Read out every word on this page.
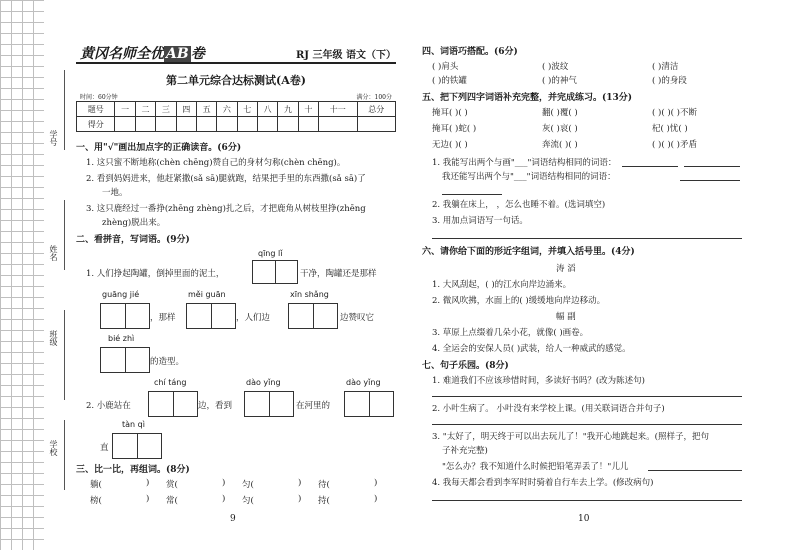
学号
姓名
班级
学校
黄冈名师全优 AB 卷	RJ 三年级 语文（下）
第二单元综合达标测试(A卷)
时间：60分钟	满分：100分
题号	一	二	三	四	五	六	七	八	九	十	十一	总分
得分												
一、用"√"画出加点字的正确读音。(6分)
1. 这只蜜不断地称(chèn chēng)赞自己的身材匀称(chèn chēng)。
2. 看到妈妈进来，他赶紧撒(sǎ sā)腿就跑，结果把手里的东西撒(sǎ sā)了
一地。
3. 这只鹿经过一番挣(zhēng zhèng)扎之后，才把鹿角从树枝里挣(zhēng
zhèng)脱出来。
二、看拼音，写词语。(9分)
qīng lǐ
1. 人们挣起陶罐，倒掉里面的泥土，	干净，陶罐还是那样
guāng jié	měi guān	xīn shǎng
，那样	，人们边	边赞叹它
bié zhì
的造型。
chí táng	dào yǐng	dào yǐng
2. 小鹿站在	边，看到	在河里的
tàn qì
直
三、比一比，再组词。(8分)
躺(	) 赏(	) 匀(	) 待(	)
榜(	) 常(	) 匀(	) 持(	)
9
四、词语巧搭配。(6分)
( )肩头	( )波纹	( )清洁
( )的铁罐	( )的神气	( )的身段
五、把下列四字词语补充完整，并完成练习。(13分)
掩耳( )( )	翻( )覆( )	( )( )( )不断
掩耳( )蛇( )	灰( )哀( )	杞( )忧( )
无边( )( )	奔流( )( )	( )( )( )矛盾
1. 我能写出两个与画"___"词语结构相同的词语：
我还能写出两个与"___"词语结构相同的词语：
2. 我躺在床上， ，怎么也睡不着。(选词填空)
3. 用加点词语写一句话。
六、请你给下面的形近字组词，并填入括号里。(4分)
涛 滔
1. 大风刮起，( )的江水向岸边涌来。
2. 微风吹拂，水面上的( )缓缓地向岸边移动。
幅 副
3. 草原上点缀着几朵小花，就像( )画卷。
4. 全运会的安保人员( )武装，给人一种威武的感觉。
七、句子乐园。(8分)
1. 难道我们不应该珍惜时间，多读好书吗？(改为陈述句)
2. 小叶生病了。 小叶没有来学校上课。(用关联词语合并句子)
3. "太好了，明天终于可以出去玩儿了！"我开心地跳起来。(照样子，把句
子补充完整)
"怎么办？我不知道什么时候把铅笔弄丢了！"儿儿
4. 我每天都会看到李军时时骑着自行车去上学。(修改病句)
10
